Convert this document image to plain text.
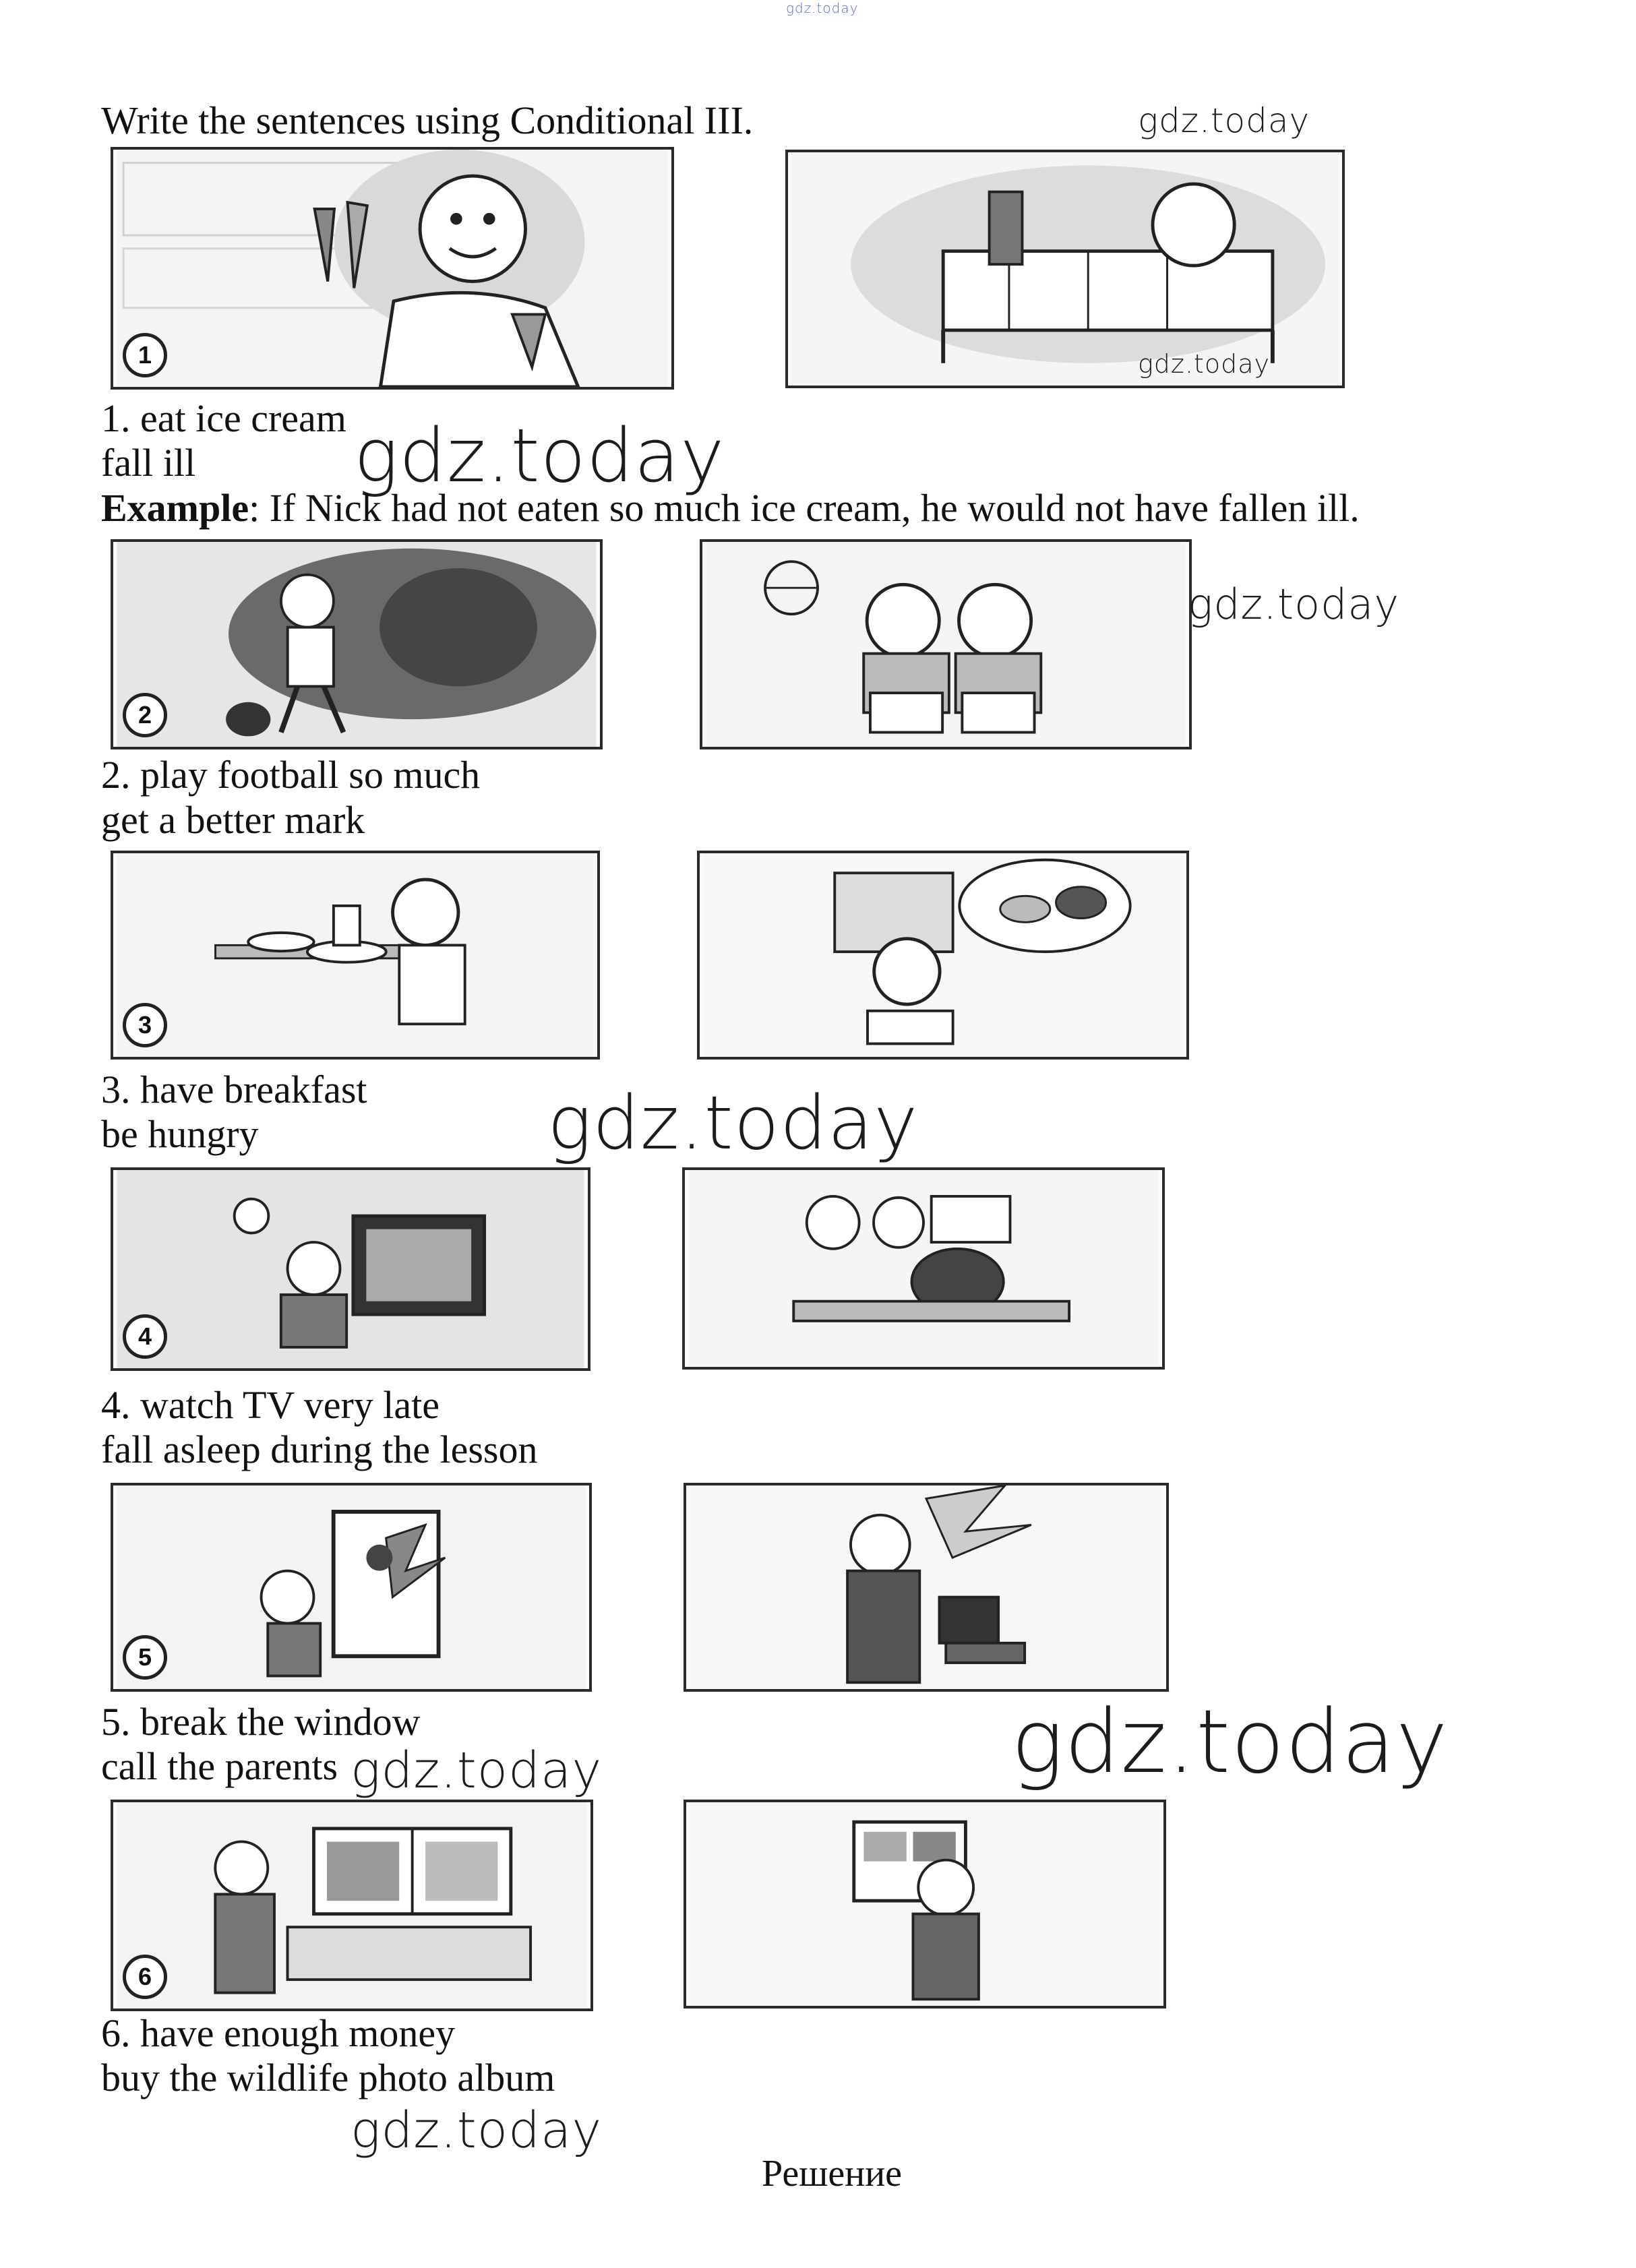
gdz.today
Write the sentences using Conditional III.
1
gdz.today
gdz.today
1. eat ice cream
fall ill gdz.today
Example: If Nick had not eaten so much ice cream, he would not have fallen ill.
2
gdz.today
2. play football so much
get a better mark
3
3. have breakfast
be hungry	gdz.today
4
4. watch TV very late
fall asleep during the lesson
5
5. break the window
call the parents gdz.today	gdz.today
6
6. have enough money
buy the wildlife photo album
gdz.today
Решение
